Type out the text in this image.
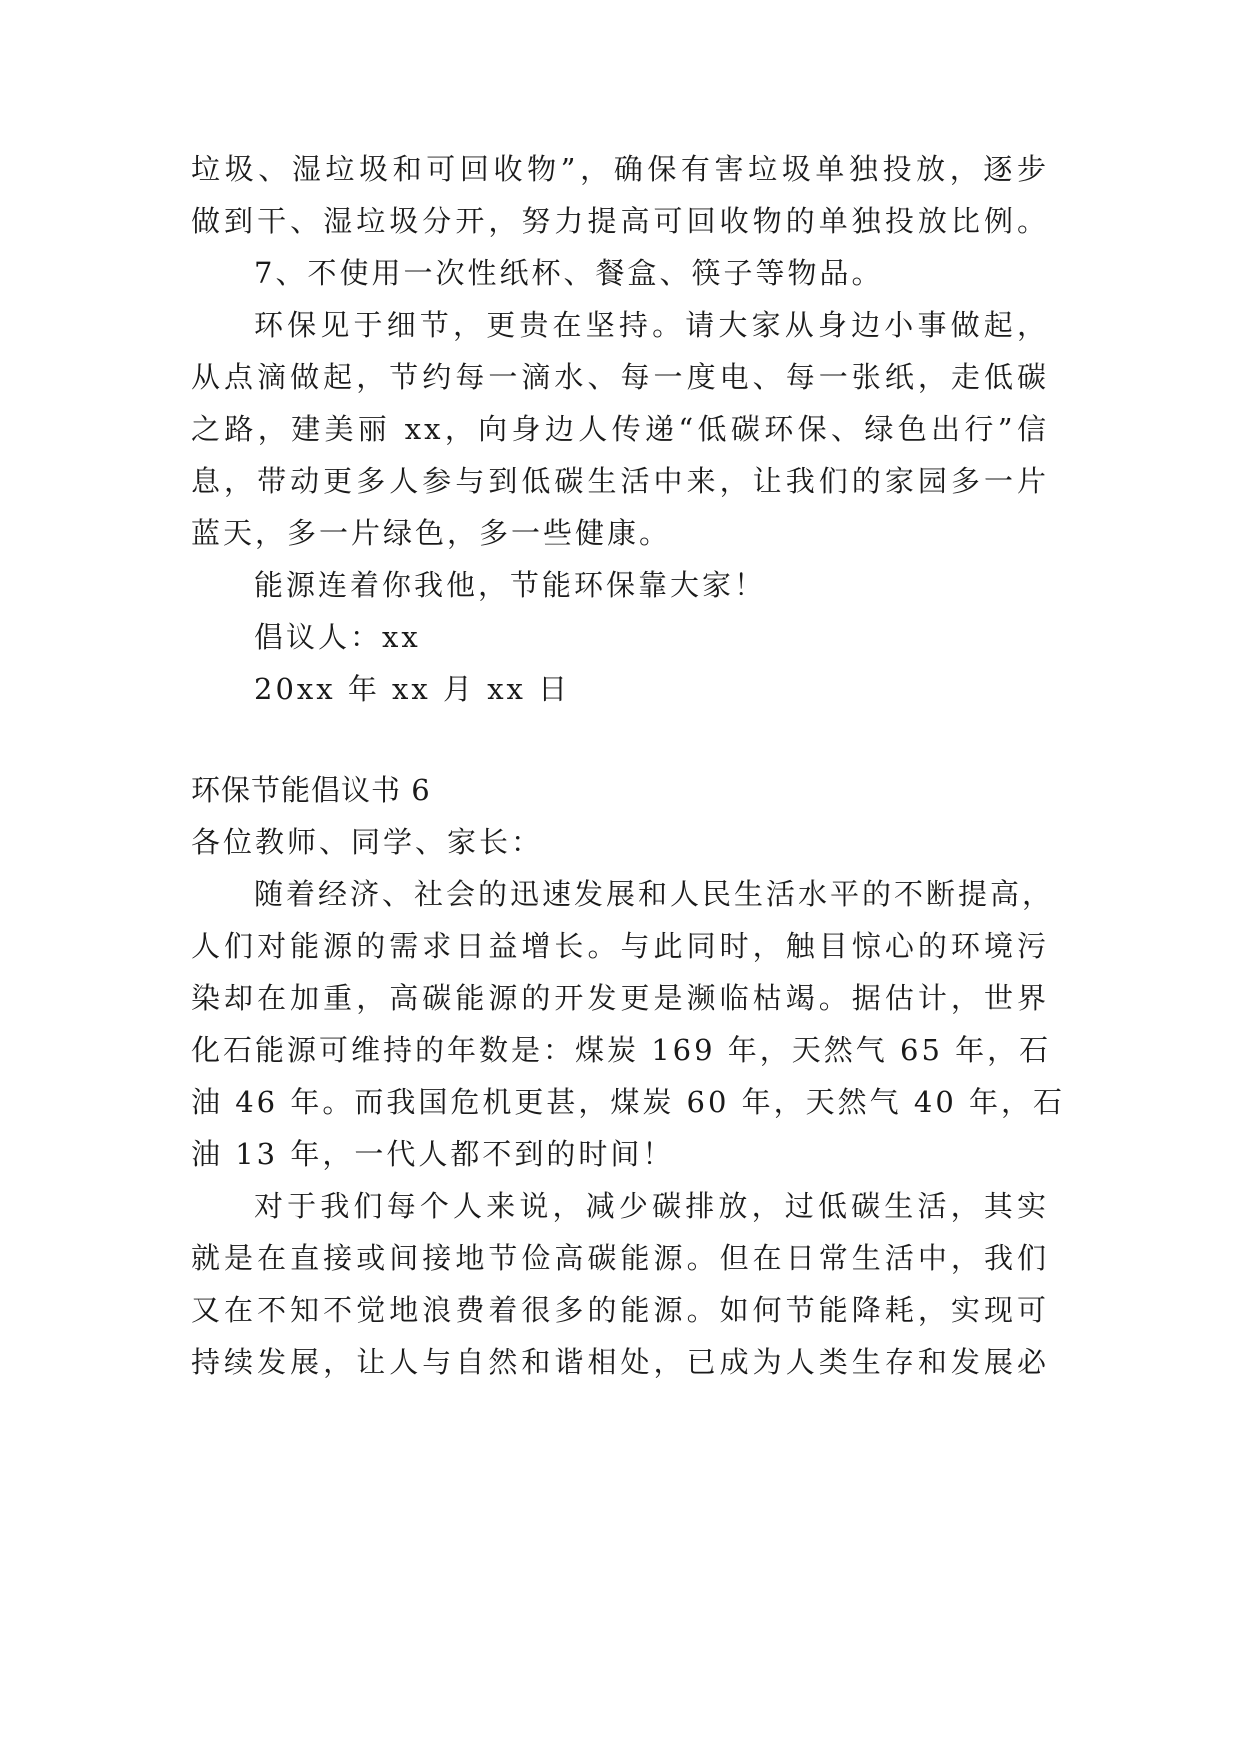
垃圾、湿垃圾和可回收物”，确保有害垃圾单独投放，逐步
做到干、湿垃圾分开，努力提高可回收物的单独投放比例。
7、不使用一次性纸杯、餐盒、筷子等物品。
环保见于细节，更贵在坚持。请大家从身边小事做起，
从点滴做起，节约每一滴水、每一度电、每一张纸，走低碳
之路，建美丽 xx，向身边人传递“低碳环保、绿色出行”信
息，带动更多人参与到低碳生活中来，让我们的家园多一片
蓝天，多一片绿色，多一些健康。
能源连着你我他，节能环保靠大家！
倡议人：xx
20xx 年 xx 月 xx 日
环保节能倡议书 6
各位教师、同学、家长：
随着经济、社会的迅速发展和人民生活水平的不断提高，
人们对能源的需求日益增长。与此同时，触目惊心的环境污
染却在加重，高碳能源的开发更是濒临枯竭。据估计，世界
化石能源可维持的年数是：煤炭 169 年，天然气 65 年，石
油 46 年。而我国危机更甚，煤炭 60 年，天然气 40 年，石
油 13 年，一代人都不到的时间！
对于我们每个人来说，减少碳排放，过低碳生活，其实
就是在直接或间接地节俭高碳能源。但在日常生活中，我们
又在不知不觉地浪费着很多的能源。如何节能降耗，实现可
持续发展，让人与自然和谐相处，已成为人类生存和发展必
